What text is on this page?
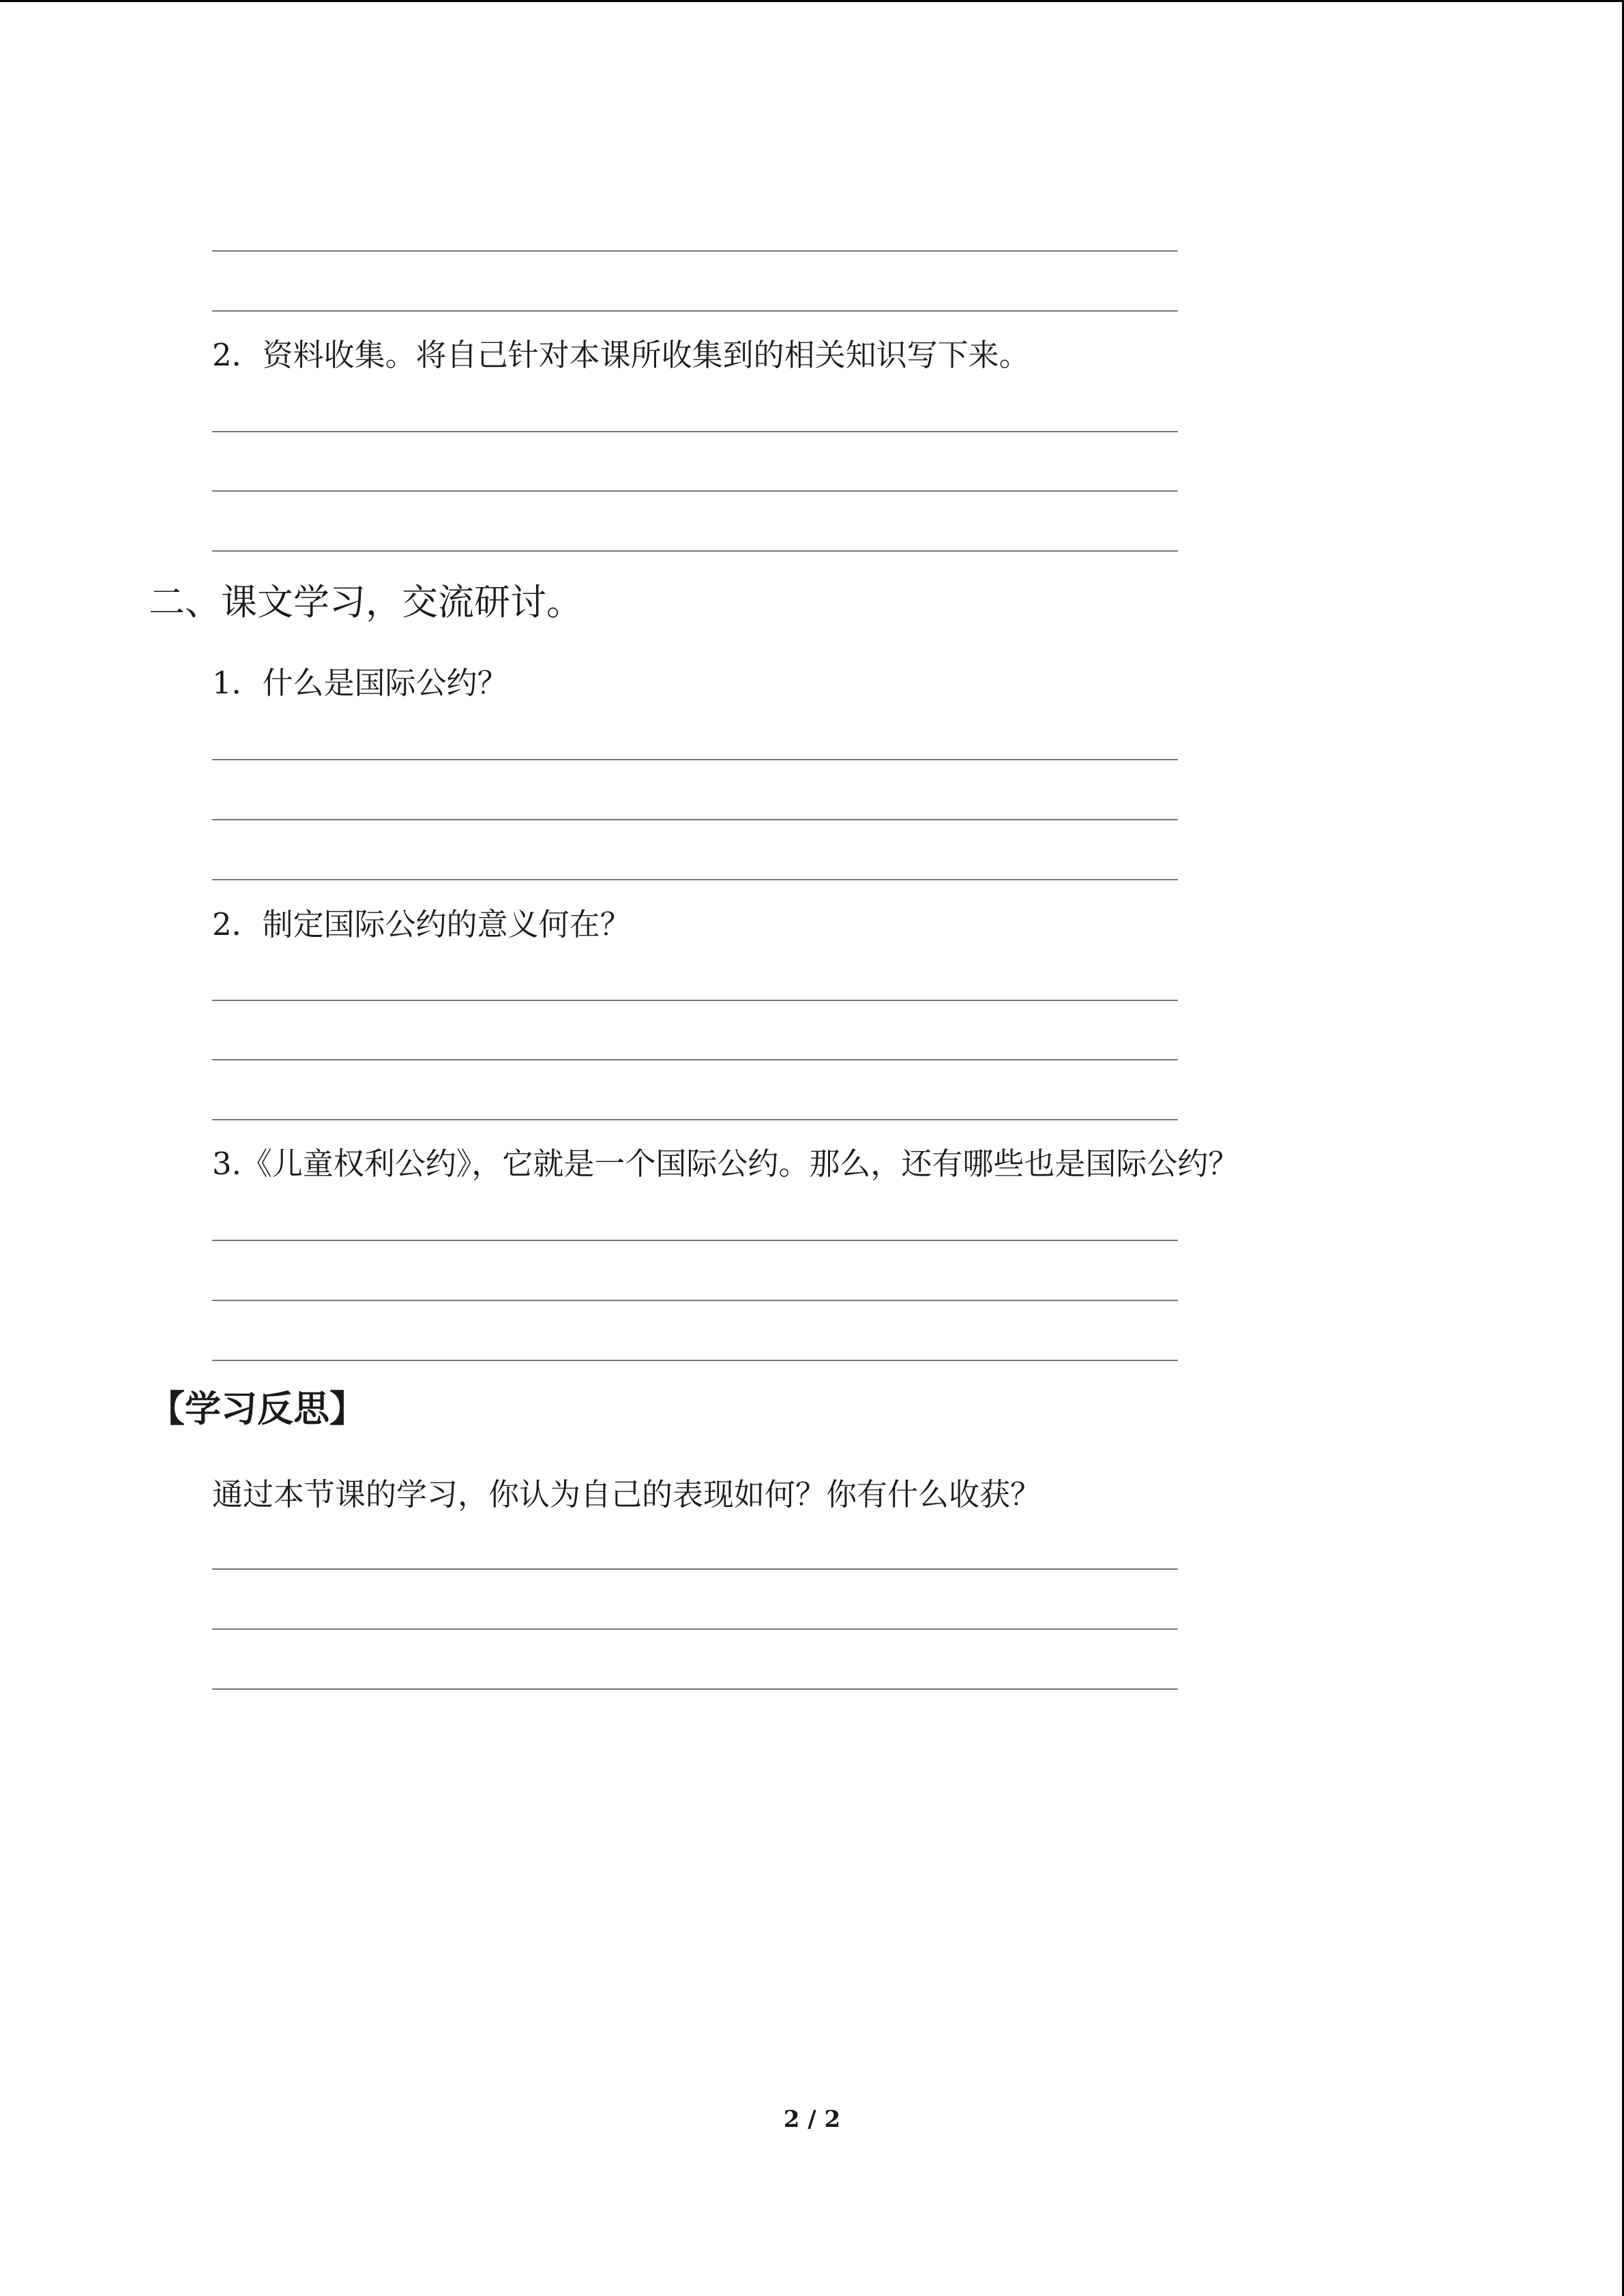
2．资料收集。将自己针对本课所收集到的相关知识写下来。
二、课文学习，交流研讨。
1．什么是国际公约？
2．制定国际公约的意义何在？
3.《儿童权利公约》，它就是一个国际公约。那么，还有哪些也是国际公约？
【学习反思】
通过本节课的学习，你认为自己的表现如何？你有什么收获？
2 / 2
